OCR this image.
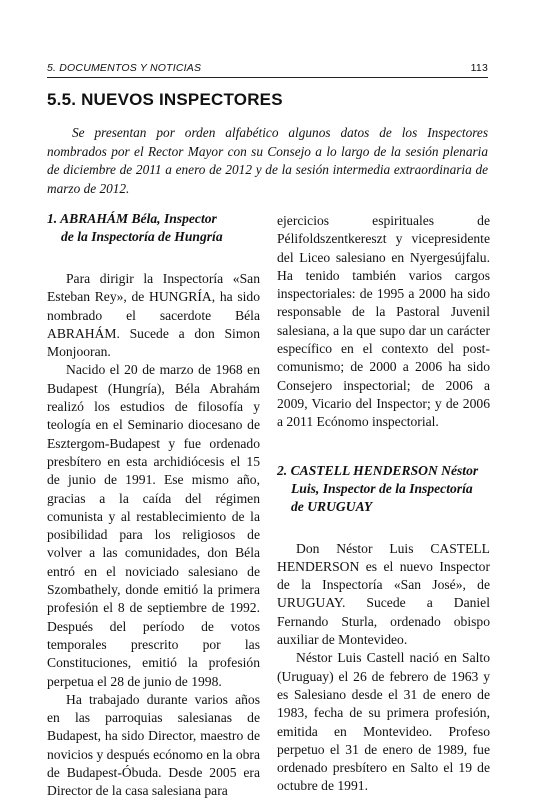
5. DOCUMENTOS Y NOTICIAS	113
5.5. NUEVOS INSPECTORES

Se presentan por orden alfabético algunos datos de los Inspectores nombrados por el Rector Mayor con su Consejo a lo largo de la sesión plenaria de diciembre de 2011 a enero de 2012 y de la sesión intermedia extraordinaria de marzo de 2012.

1. ABRAHÁM Béla, Inspector
de la Inspectoría de Hungría

Para dirigir la Inspectoría «San Esteban Rey», de HUNGRÍA, ha sido nombrado el sacerdote Béla ABRAHÁM. Sucede a don Simon Monjooran.

Nacido el 20 de marzo de 1968 en Budapest (Hungría), Béla Abrahám realizó los estudios de filosofía y teología en el Seminario diocesano de Esztergom-Budapest y fue ordenado presbítero en esta archidiócesis el 15 de junio de 1991. Ese mismo año, gracias a la caída del régimen comunista y al restablecimiento de la posibilidad para los religiosos de volver a las comunidades, don Béla entró en el noviciado salesiano de Szombathely, donde emitió la primera profesión el 8 de septiembre de 1992. Después del período de votos temporales prescrito por las Constituciones, emitió la profesión perpetua el 28 de junio de 1998.

Ha trabajado durante varios años en las parroquias salesianas de Budapest, ha sido Director, maestro de novicios y después ecónomo en la obra de Budapest-Óbuda. Desde 2005 era Director de la casa salesiana para

ejercicios espirituales de Pélifoldszentkereszt y vicepresidente del Liceo salesiano en Nyergesújfalu. Ha tenido también varios cargos inspectoriales: de 1995 a 2000 ha sido responsable de la Pastoral Juvenil salesiana, a la que supo dar un carácter específico en el contexto del post-comunismo; de 2000 a 2006 ha sido Consejero inspectorial; de 2006 a 2009, Vicario del Inspector; y de 2006 a 2011 Ecónomo inspectorial.

2. CASTELL HENDERSON Néstor
Luis, Inspector de la Inspectoría
de URUGUAY

Don Néstor Luis CASTELL HENDERSON es el nuevo Inspector de la Inspectoría «San José», de URUGUAY. Sucede a Daniel Fernando Sturla, ordenado obispo auxiliar de Montevideo.

Néstor Luis Castell nació en Salto (Uruguay) el 26 de febrero de 1963 y es Salesiano desde el 31 de enero de 1983, fecha de su primera profesión, emitida en Montevideo. Profeso perpetuo el 31 de enero de 1989, fue ordenado presbítero en Salto el 19 de octubre de 1991.
